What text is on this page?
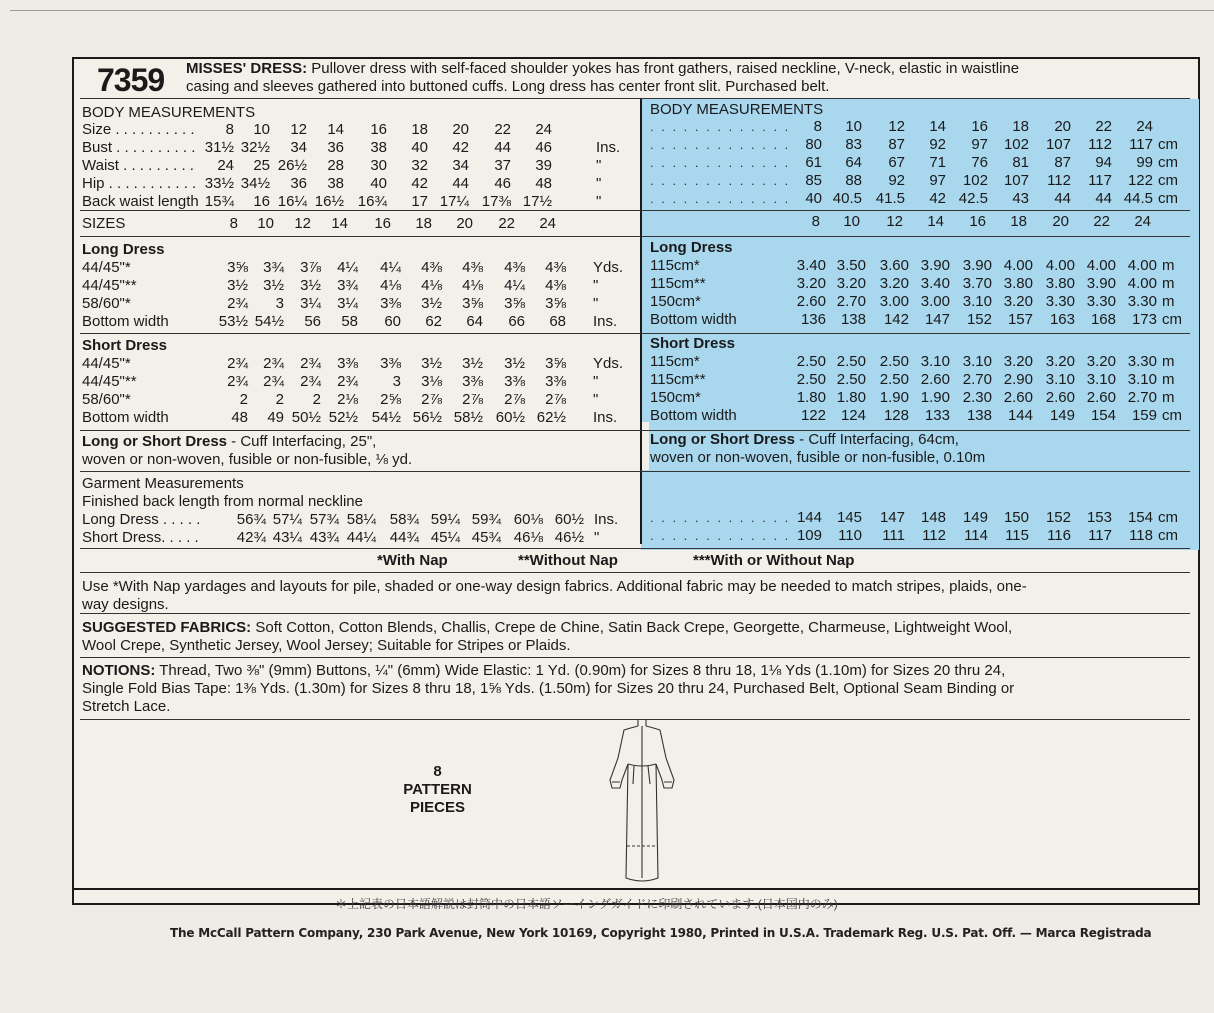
7359 MISSES' DRESS: Pullover dress with self-faced shoulder yokes has front gathers, raised neckline, V-neck, elastic in waistline
casing and sleeves gathered into buttoned cuffs. Long dress has center front slit. Purchased belt.
BODY MEASUREMENTS
Size . . . . . . . . . .	8	10	12	14	16	18	20	22	24
Bust . . . . . . . . . . 31½ 32½	34	36	38	40	42	44	46	Ins.
Waist . . . . . . . . .	24	25 26½	28	30	32	34	37	39	"
Hip . . . . . . . . . . . 33½ 34½	36	38	40	42	44	46	48	"
Back waist length 15¾	16 16¼ 16½ 16¾	17 17¼ 17⅜ 17½	"
SIZES	8	10	12	14	16	18	20	22	24
Long Dress
44/45"*	3⅝	3¾	3⅞	4¼	4¼	4⅜	4⅜	4⅜	4⅜ Yds.
44/45"**	3½	3½	3½	3¾	4⅛	4⅛	4⅛	4¼	4⅜ "
58/60"*	2¾	3	3¼	3¼	3⅜	3½	3⅝	3⅝	3⅝ "
Bottom width	53½ 54½	56	58	60	62	64	66	68 Ins.
Short Dress
44/45"*	2¾	2¾	2¾	3⅜	3⅜	3½	3½	3½	3⅝ Yds.
44/45"**	2¾	2¾	2¾	2¾	3	3⅛	3⅜	3⅜	3⅜ "
58/60"*	2	2	2	2⅛	2⅝	2⅞	2⅞	2⅞	2⅞ "
Bottom width	48	49 50½ 52½ 54½ 56½ 58½ 60½ 62½ Ins.
Long or Short Dress - Cuff Interfacing, 25",
woven or non-woven, fusible or non-fusible, ⅛ yd.
Garment Measurements
Finished back length from normal neckline
Long Dress . . . . .	56¾ 57¼ 57¾ 58¼ 58¾ 59¼ 59¾ 60⅛ 60½ Ins.
Short Dress. . . . .	42¾ 43¼ 43¾ 44¼ 44¾ 45¼ 45¾ 46⅛ 46½ "
BODY MEASUREMENTS
. . . . . . . . . . . . .	8	10	12	14	16	18	20	22	24
. . . . . . . . . . . . .	80	83	87	92	97	102	107	112	117 cm
. . . . . . . . . . . . .	61	64	67	71	76	81	87	94	99 cm
. . . . . . . . . . . . .	85	88	92	97	102	107	112	117	122 cm
. . . . . . . . . . . . .	40 40.5 41.5	42 42.5	43	44	44 44.5 cm
8	10	12	14	16	18	20	22	24
Long Dress
115cm*	3.40 3.50 3.60 3.90 3.90 4.00 4.00 4.00 4.00 m
115cm**	3.20 3.20 3.20 3.40 3.70 3.80 3.80 3.90 4.00 m
150cm*	2.60 2.70 3.00 3.00 3.10 3.20 3.30 3.30 3.30 m
Bottom width	136 138	142	147	152	157	163	168	173 cm
Short Dress
115cm*	2.50 2.50 2.50 3.10 3.10 3.20 3.20 3.20 3.30 m
115cm**	2.50 2.50 2.50 2.60 2.70 2.90 3.10 3.10 3.10 m
150cm*	1.80 1.80 1.90 1.90 2.30 2.60 2.60 2.60 2.70 m
Bottom width	122 124	128	133	138	144	149	154	159 cm
Long or Short Dress - Cuff Interfacing, 64cm,
woven or non-woven, fusible or non-fusible, 0.10m
. . . . . . . . . . . . . 144 145	147	148	149	150	152	153	154 cm
. . . . . . . . . . . . . 109	110	111	112	114	115	116	117	118 cm
*With Nap	**Without Nap	***With or Without Nap
Use *With Nap yardages and layouts for pile, shaded or one-way design fabrics. Additional fabric may be needed to match stripes, plaids, one-
way designs.
SUGGESTED FABRICS: Soft Cotton, Cotton Blends, Challis, Crepe de Chine, Satin Back Crepe, Georgette, Charmeuse, Lightweight Wool,
Wool Crepe, Synthetic Jersey, Wool Jersey; Suitable for Stripes or Plaids.
NOTIONS: Thread, Two ⅜" (9mm) Buttons, ¼" (6mm) Wide Elastic: 1 Yd. (0.90m) for Sizes 8 thru 18, 1⅛ Yds (1.10m) for Sizes 20 thru 24,
Single Fold Bias Tape: 1⅜ Yds. (1.30m) for Sizes 8 thru 18, 1⅝ Yds. (1.50m) for Sizes 20 thru 24, Purchased Belt, Optional Seam Binding or
Stretch Lace.
8
PATTERN
PIECES
＊上記表の日本語解説は封筒中の日本語ソーイングガイドに印刷されています.(日本国内のみ)
The McCall Pattern Company, 230 Park Avenue, New York 10169, Copyright 1980, Printed in U.S.A. Trademark Reg. U.S. Pat. Off. — Marca Registrada
